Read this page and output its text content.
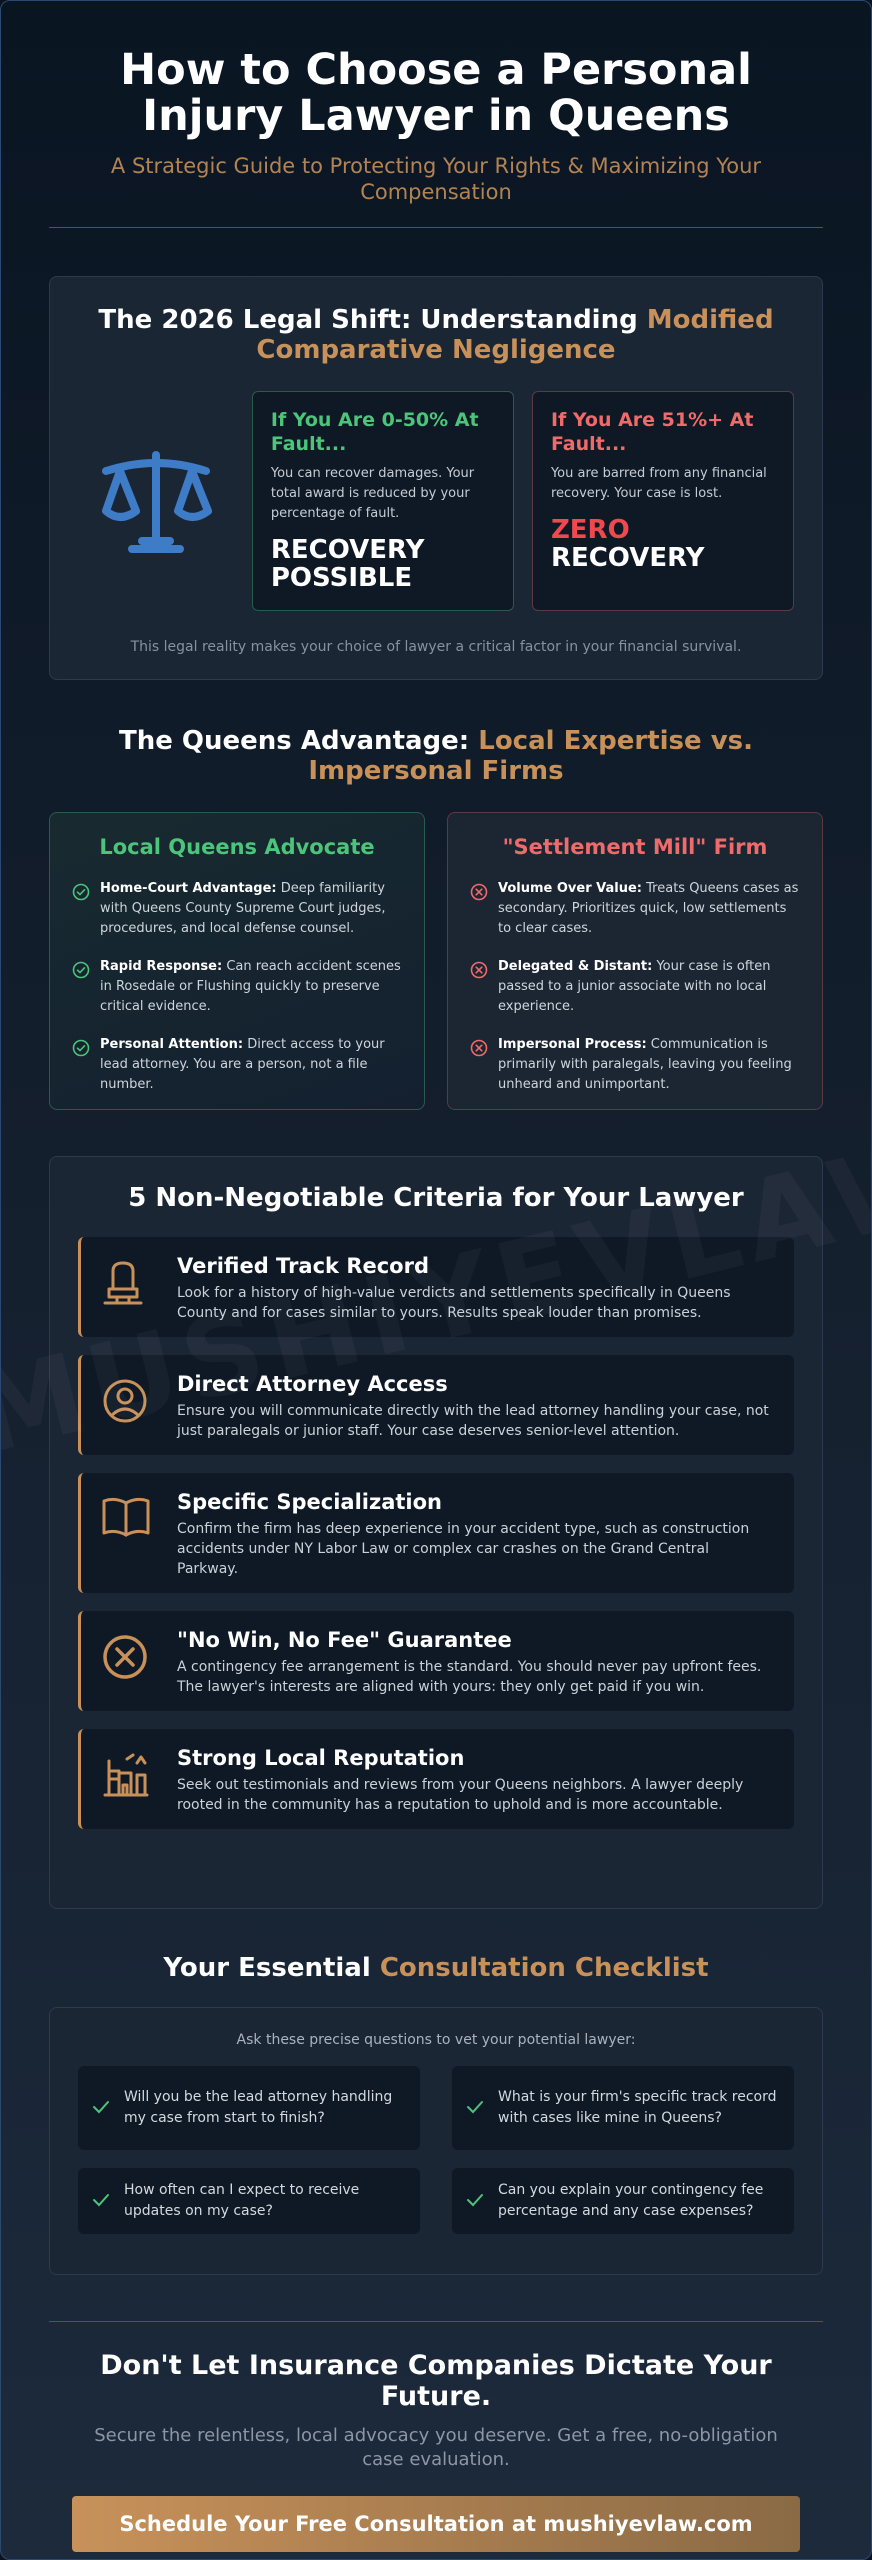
How to Choose a Personal Injury Lawyer in Queens

A Strategic Guide to Protecting Your Rights & Maximizing Your Compensation

The 2026 Legal Shift: Understanding Modified Comparative Negligence
If You Are 0-50% At Fault...

You can recover damages. Your total award is reduced by your percentage of fault.

RECOVERY POSSIBLE
If You Are 51%+ At Fault...

You are barred from any financial recovery. Your case is lost.

ZERO
RECOVERY

This legal reality makes your choice of lawyer a critical factor in your financial survival.

The Queens Advantage: Local Expertise vs. Impersonal Firms
Local Queens Advocate

Home-Court Advantage: Deep familiarity with Queens County Supreme Court judges, procedures, and local defense counsel.

Rapid Response: Can reach accident scenes in Rosedale or Flushing quickly to preserve critical evidence.

Personal Attention: Direct access to your lead attorney. You are a person, not a file number.

"Settlement Mill" Firm

Volume Over Value: Treats Queens cases as secondary. Prioritizes quick, low settlements to clear cases.

Delegated & Distant: Your case is often passed to a junior associate with no local experience.

Impersonal Process: Communication is primarily with paralegals, leaving you feeling unheard and unimportant.

5 Non-Negotiable Criteria for Your Lawyer
Verified Track Record

Look for a history of high-value verdicts and settlements specifically in Queens County and for cases similar to yours. Results speak louder than promises.

Direct Attorney Access

Ensure you will communicate directly with the lead attorney handling your case, not just paralegals or junior staff. Your case deserves senior-level attention.

Specific Specialization

Confirm the firm has deep experience in your accident type, such as construction accidents under NY Labor Law or complex car crashes on the Grand Central Parkway.

"No Win, No Fee" Guarantee

A contingency fee arrangement is the standard. You should never pay upfront fees. The lawyer's interests are aligned with yours: they only get paid if you win.

Strong Local Reputation

Seek out testimonials and reviews from your Queens neighbors. A lawyer deeply rooted in the community has a reputation to uphold and is more accountable.

Your Essential Consultation Checklist

Ask these precise questions to vet your potential lawyer:

Will you be the lead attorney handling my case from start to finish?
What is your firm's specific track record with cases like mine in Queens?
How often can I expect to receive updates on my case?
Can you explain your contingency fee percentage and any case expenses?
Don't Let Insurance Companies Dictate Your Future.

Secure the relentless, local advocacy you deserve. Get a free, no-obligation case evaluation.

Schedule Your Free Consultation at mushiyevlaw.com
